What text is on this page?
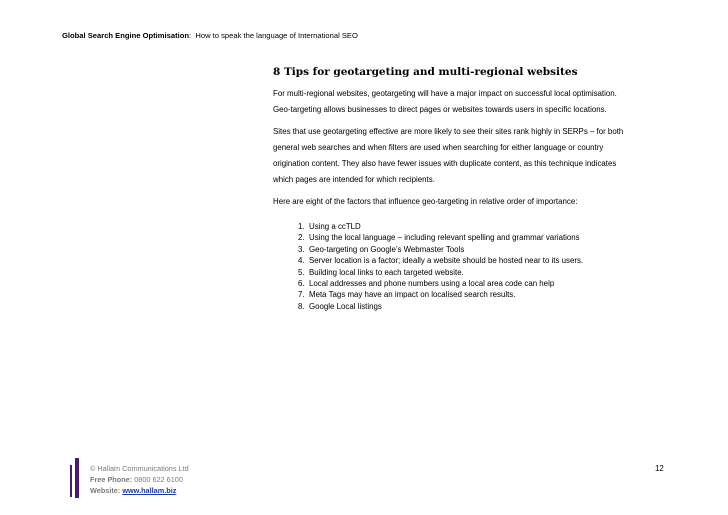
Global Search Engine Optimisation: How to speak the language of International SEO
8 Tips for geotargeting and multi-regional websites
For multi-regional websites, geotargeting will have a major impact on successful local optimisation.
Geo-targeting allows businesses to direct pages or websites towards users in specific locations.
Sites that use geotargeting effective are more likely to see their sites rank highly in SERPs – for both
general web searches and when filters are used when searching for either language or country
origination content. They also have fewer issues with duplicate content, as this technique indicates
which pages are intended for which recipients.
Here are eight of the factors that influence geo-targeting in relative order of importance:
1. Using a ccTLD
2. Using the local language – including relevant spelling and grammar variations
3. Geo-targeting on Google’s Webmaster Tools
4. Server location is a factor; ideally a website should be hosted near to its users.
5. Building local links to each targeted website.
6. Local addresses and phone numbers using a local area code can help
7. Meta Tags may have an impact on localised search results.
8. Google Local listings
© Hallam Communications Ltd
Free Phone: 0800 622 6100
Website: www.hallam.biz
12
